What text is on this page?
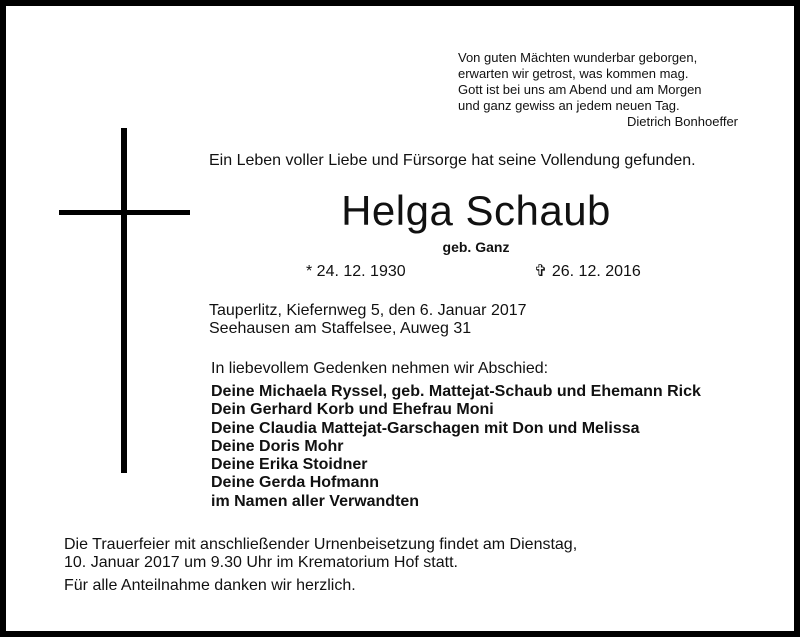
Von guten Mächten wunderbar geborgen,
erwarten wir getrost, was kommen mag.
Gott ist bei uns am Abend und am Morgen
und ganz gewiss an jedem neuen Tag.
Dietrich Bonhoeffer
Ein Leben voller Liebe und Fürsorge hat seine Vollendung gefunden.
Helga Schaub
geb. Ganz
* 24. 12. 1930	✞ 26. 12. 2016
Tauperlitz, Kiefernweg 5, den 6. Januar 2017
Seehausen am Staffelsee, Auweg 31
In liebevollem Gedenken nehmen wir Abschied:
Deine Michaela Ryssel, geb. Mattejat-Schaub und Ehemann Rick
Dein Gerhard Korb und Ehefrau Moni
Deine Claudia Mattejat-Garschagen mit Don und Melissa
Deine Doris Mohr
Deine Erika Stoidner
Deine Gerda Hofmann
im Namen aller Verwandten
Die Trauerfeier mit anschließender Urnenbeisetzung findet am Dienstag,
10. Januar 2017 um 9.30 Uhr im Krematorium Hof statt.
Für alle Anteilnahme danken wir herzlich.
